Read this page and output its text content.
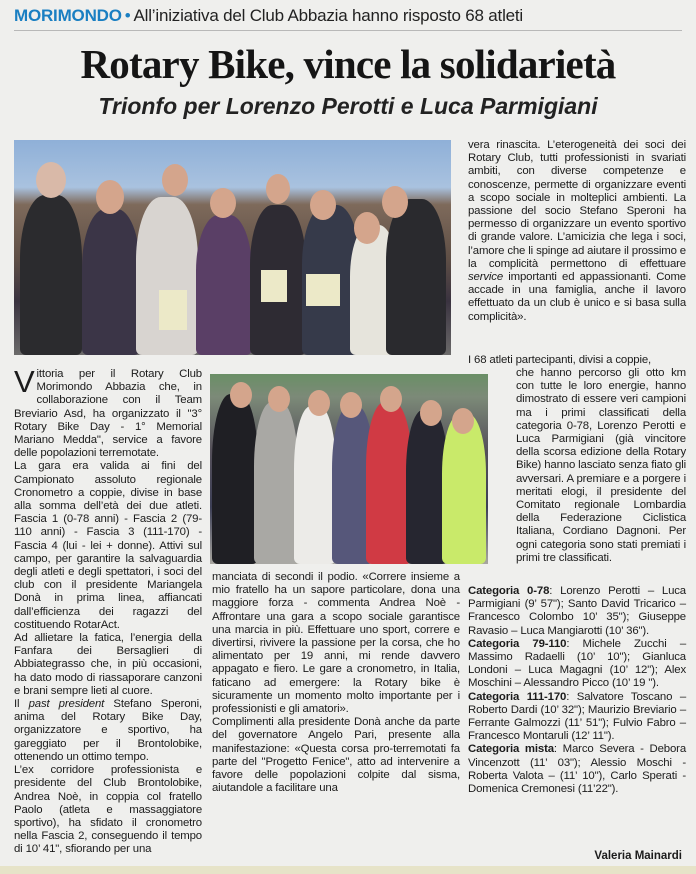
MORIMONDO • All’iniziativa del Club Abbazia hanno risposto 68 atleti
Rotary Bike, vince la solidarietà
Trionfo per Lorenzo Perotti e Luca Parmigiani

Vittoria per il Rotary Club Morimondo Abbazia che, in collaborazione con il Team Breviario Asd, ha organizzato il "3° Rotary Bike Day - 1° Memorial Mariano Medda", service a favore delle popolazioni terremotate.

La gara era valida ai fini del Campionato assoluto regionale Cronometro a coppie, divise in base alla somma dell’età dei due atleti. Fascia 1 (0-78 anni) - Fascia 2 (79-110 anni) - Fascia 3 (111-170) - Fascia 4 (lui - lei + donne). Attivi sul campo, per garantire la salvaguardia degli atleti e degli spettatori, i soci del club con il presidente Mariangela Donà in prima linea, affiancati dall’efficienza dei ragazzi del costituendo RotarAct.

Ad allietare la fatica, l’energia della Fanfara dei Bersaglieri di Abbiategrasso che, in più occasioni, ha dato modo di riassaporare canzoni e brani sempre lieti al cuore.

Il past president Stefano Speroni, anima del Rotary Bike Day, organizzatore e sportivo, ha gareggiato per il Brontolobike, ottenendo un ottimo tempo.

L’ex corridore professionista e presidente del Club Brontolobike, Andrea Noè, in coppia col fratello Paolo (atleta e massaggiatore sportivo), ha sfidato il cronometro nella Fascia 2, conseguendo il tempo di 10’ 41", sfiorando per una

manciata di secondi il podio. «Correre insieme a mio fratello ha un sapore particolare, dona una maggiore forza - commenta Andrea Noè - Affrontare una gara a scopo sociale garantisce una marcia in più. Effettuare uno sport, correre e divertirsi, rivivere la passione per la corsa, che ho alimentato per 19 anni, mi rende davvero appagato e fiero. Le gare a cronometro, in Italia, faticano ad emergere: la Rotary bike è sicuramente un momento molto importante per i professionisti e gli amatori».

Complimenti alla presidente Donà anche da parte del governatore Angelo Pari, presente alla manifestazione: «Questa corsa pro-terremotati fa parte del "Progetto Fenice", atto ad intervenire a favore delle popolazioni colpite dal sisma, aiutandole a facilitare una

vera rinascita. L’eterogeneità dei soci dei Rotary Club, tutti professionisti in svariati ambiti, con diverse competenze e conoscenze, permette di organizzare eventi a scopo sociale in molteplici ambienti. La passione del socio Stefano Speroni ha permesso di organizzare un evento sportivo di grande valore. L’amicizia che lega i soci, l’amore che li spinge ad aiutare il prossimo e la complicità permettono di effettuare service importanti ed appassionanti. Come accade in una famiglia, anche il lavoro effettuato da un club è unico e si basa sulla complicità».

I 68 atleti partecipanti, divisi a coppie,
che hanno percorso gli otto km con tutte le loro energie, hanno dimostrato di essere veri campioni ma i primi classificati della categoria 0-78, Lorenzo Perotti e Luca Parmigiani (già vincitore della scorsa edizione della Rotary Bike) hanno lasciato senza fiato gli avversari. A premiare e a porgere i meritati elogi, il presidente del Comitato regionale Lombardia della Federazione Ciclistica Italiana, Cordiano Dagnoni. Per ogni categoria sono stati premiati i primi tre classificati.

Categoria 0-78: Lorenzo Perotti – Luca Parmigiani (9’ 57"); Santo David Tricarico – Francesco Colombo 10’ 35"); Giuseppe Ravasio – Luca Mangiarotti (10’ 36").

Categoria 79-110: Michele Zucchi – Massimo Radaelli (10’ 10"); Gianluca Londoni – Luca Magagni (10’ 12"); Alex Moschini – Alessandro Picco (10’ 19 ").

Categoria 111-170: Salvatore Toscano – Roberto Dardi (10’ 32"); Maurizio Breviario – Ferrante Galmozzi (11’ 51"); Fulvio Fabro – Francesco Montaruli (12’ 11").

Categoria mista: Marco Severa - Debora Vincenzott (11’ 03"); Alessio Moschi - Roberta Valota – (11’ 10"), Carlo Sperati - Domenica Cremonesi (11’22").

Valeria Mainardi
